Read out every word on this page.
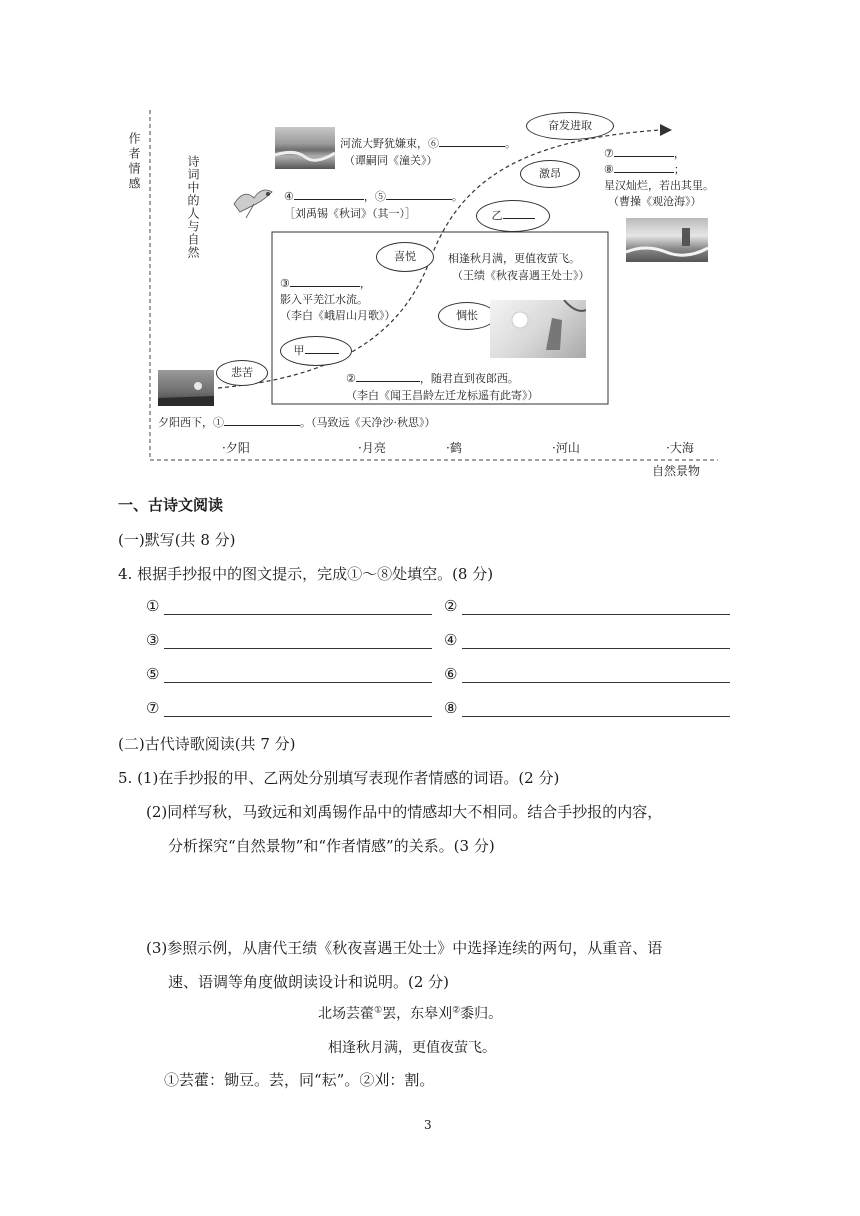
作者情感	诗词中的人与自然
自然景物
·夕阳	·月亮	·鹤	·河山	·大海
河流大野犹嫌束，⑥	。
（谭嗣同《潼关》）
④	，⑤	。
［刘禹锡《秋词》（其一）］
⑦	，
⑧	；
星汉灿烂，若出其里。
（曹操《观沧海》）
奋发进取
激昂
乙
喜悦
惆怅
甲
悲苦
相逢秋月满，更值夜萤飞。
（王绩《秋夜喜遇王处士》）
③	，
影入平羌江水流。
（李白《峨眉山月歌》）
②	，随君直到夜郎西。
（李白《闻王昌龄左迁龙标遥有此寄》）
夕阳西下，①	。（马致远《天净沙·秋思》）
一、古诗文阅读
(一)默写(共 8 分)
4. 根据手抄报中的图文提示，完成①～⑧处填空。(8 分)
①	②
③	④
⑤	⑥
⑦	⑧
(二)古代诗歌阅读(共 7 分)
5. (1)在手抄报的甲、乙两处分别填写表现作者情感的词语。(2 分)
(2)同样写秋，马致远和刘禹锡作品中的情感却大不相同。结合手抄报的内容，
分析探究“自然景物”和“作者情感”的关系。(3 分)
(3)参照示例，从唐代王绩《秋夜喜遇王处士》中选择连续的两句，从重音、语
速、语调等角度做朗读设计和说明。(2 分)
北场芸藿①罢，东皋刈②黍归。
相逢秋月满，更值夜萤飞。
①芸藿：锄豆。芸，同“耘”。②刈：割。
3
